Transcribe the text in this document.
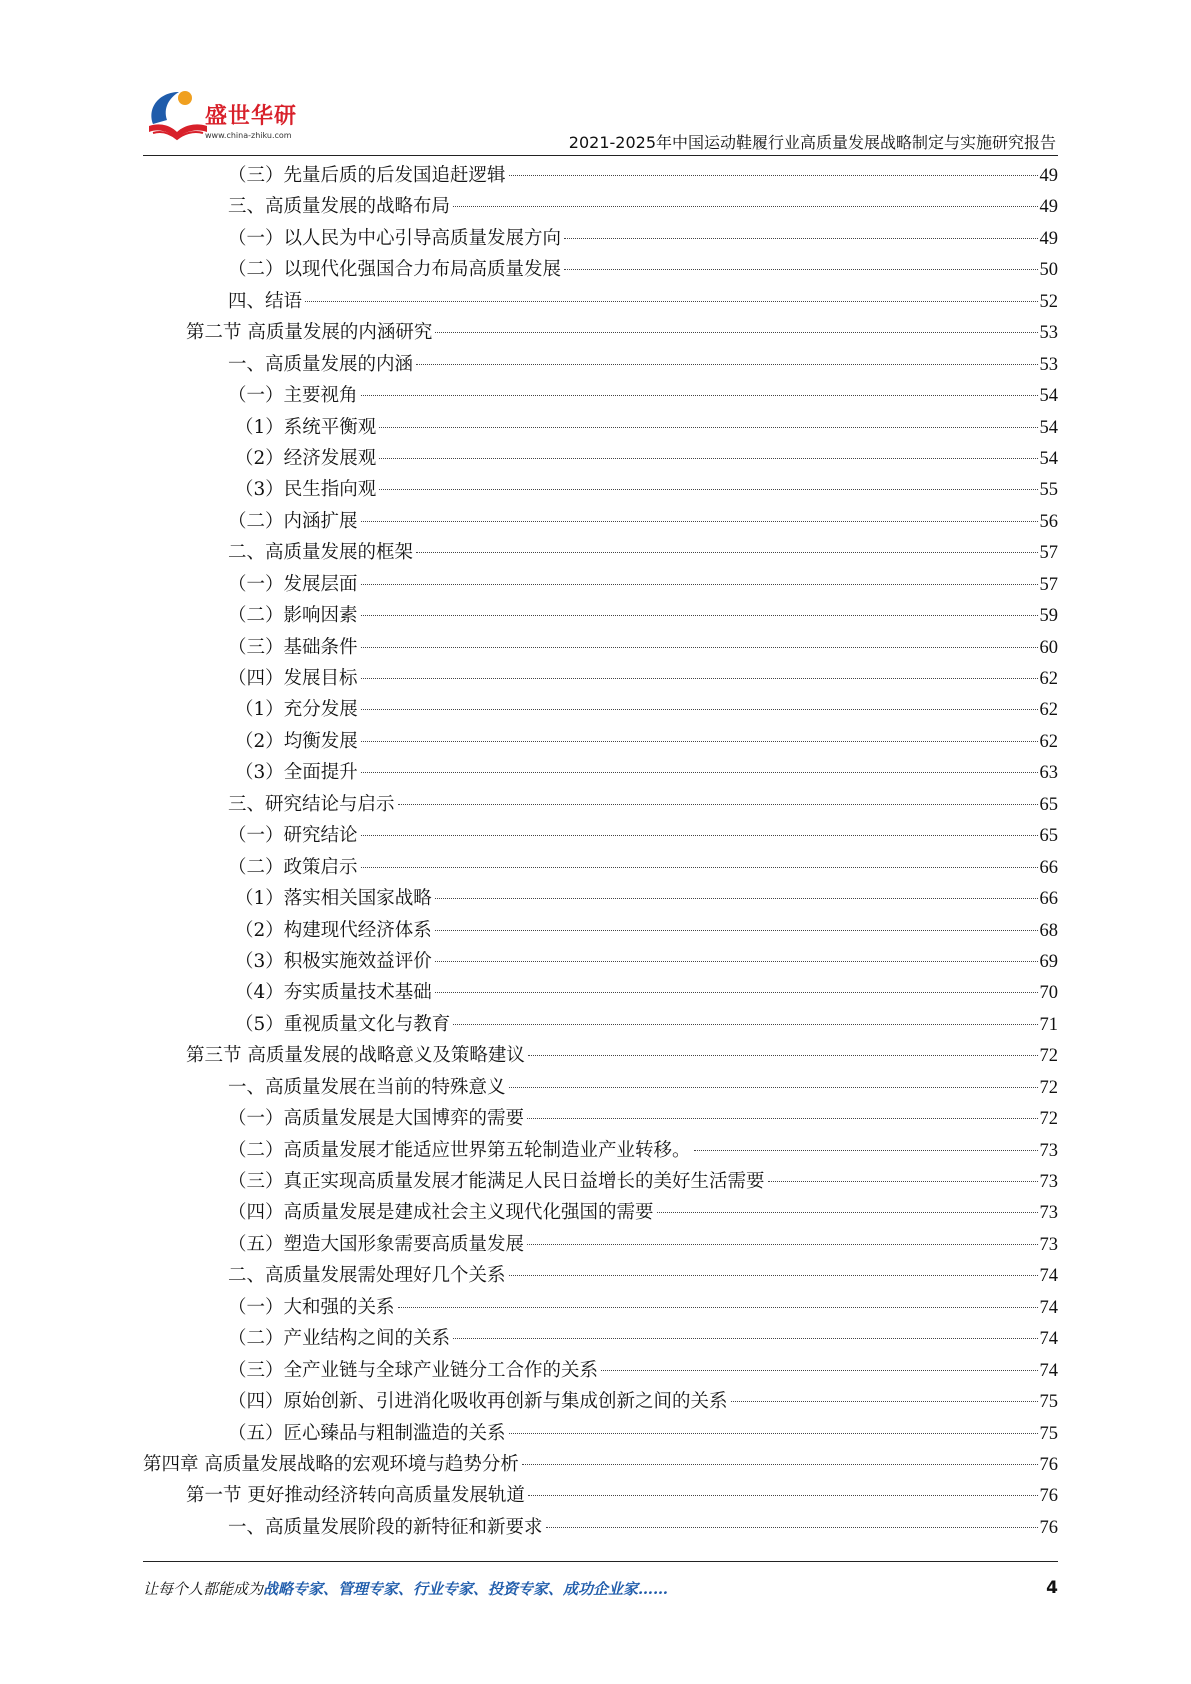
盛世华研
www.china-zhiku.com	2021-2025年中国运动鞋履行业高质量发展战略制定与实施研究报告
（三）先量后质的后发国追赶逻辑	49
三、高质量发展的战略布局	49
（一）以人民为中心引导高质量发展方向	49
（二）以现代化强国合力布局高质量发展	50
四、结语	52
第二节 高质量发展的内涵研究	53
一、高质量发展的内涵	53
（一）主要视角	54
（1）系统平衡观	54
（2）经济发展观	54
（3）民生指向观	55
（二）内涵扩展	56
二、高质量发展的框架	57
（一）发展层面	57
（二）影响因素	59
（三）基础条件	60
（四）发展目标	62
（1）充分发展	62
（2）均衡发展	62
（3）全面提升	63
三、研究结论与启示	65
（一）研究结论	65
（二）政策启示	66
（1）落实相关国家战略	66
（2）构建现代经济体系	68
（3）积极实施效益评价	69
（4）夯实质量技术基础	70
（5）重视质量文化与教育	71
第三节 高质量发展的战略意义及策略建议	72
一、高质量发展在当前的特殊意义	72
（一）高质量发展是大国博弈的需要	72
（二）高质量发展才能适应世界第五轮制造业产业转移。	73
（三）真正实现高质量发展才能满足人民日益增长的美好生活需要	73
（四）高质量发展是建成社会主义现代化强国的需要	73
（五）塑造大国形象需要高质量发展	73
二、高质量发展需处理好几个关系	74
（一）大和强的关系	74
（二）产业结构之间的关系	74
（三）全产业链与全球产业链分工合作的关系	74
（四）原始创新、引进消化吸收再创新与集成创新之间的关系	75
（五）匠心臻品与粗制滥造的关系	75
第四章 高质量发展战略的宏观环境与趋势分析	76
第一节 更好推动经济转向高质量发展轨道	76
一、高质量发展阶段的新特征和新要求	76
让每个人都能成为战略专家、管理专家、行业专家、投资专家、成功企业家……	4
